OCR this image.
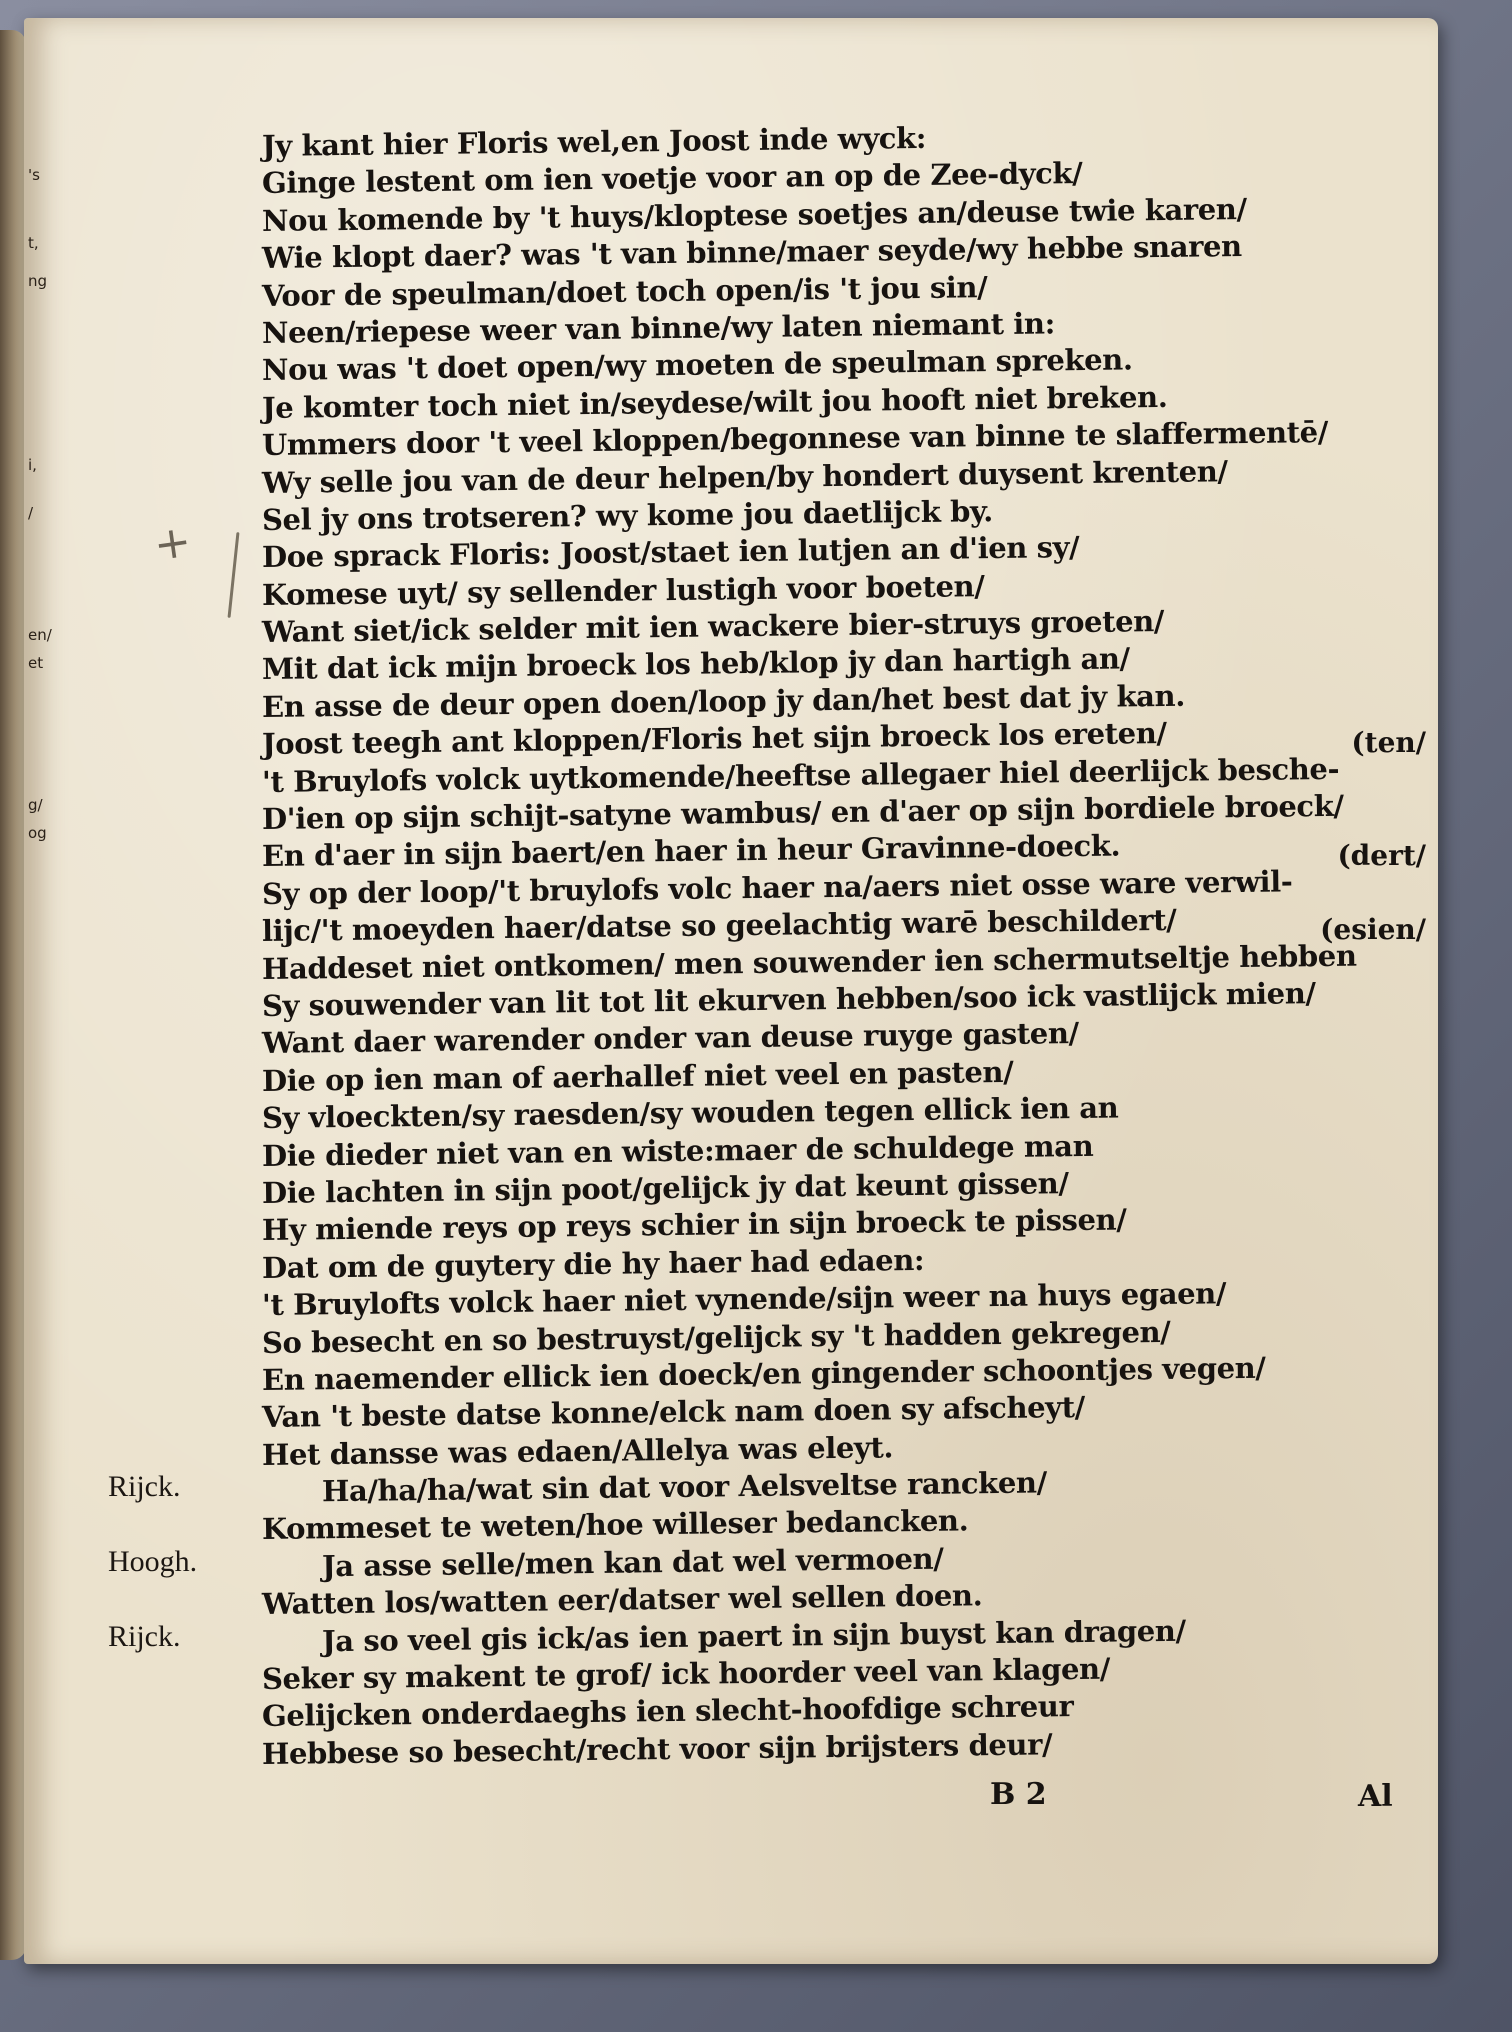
's
t,
ng
i,
/
en/
et
g/
og
+
Jy kant hier Floris wel,en Joost inde wyck:
Ginge lestent om ien voetje voor an op de Zee-dyck/
Nou komende by 't huys/kloptese soetjes an/deuse twie karen/
Wie klopt daer? was 't van binne/maer seyde/wy hebbe snaren
Voor de speulman/doet toch open/is 't jou sin/
Neen/riepese weer van binne/wy laten niemant in:
Nou was 't doet open/wy moeten de speulman spreken.
Je komter toch niet in/seydese/wilt jou hooft niet breken.
Ummers door 't veel kloppen/begonnese van binne te slaffermentē/
Wy selle jou van de deur helpen/by hondert duysent krenten/
Sel jy ons trotseren? wy kome jou daetlijck by.
Doe sprack Floris: Joost/staet ien lutjen an d'ien sy/
Komese uyt/ sy sellender lustigh voor boeten/
Want siet/ick selder mit ien wackere bier-struys groeten/
Mit dat ick mijn broeck los heb/klop jy dan hartigh an/
En asse de deur open doen/loop jy dan/het best dat jy kan.
Joost teegh ant kloppen/Floris het sijn broeck los ereten/	(ten/
't Bruylofs volck uytkomende/heeftse allegaer hiel deerlijck besche-
D'ien op sijn schijt-satyne wambus/ en d'aer op sijn bordiele broeck/
En d'aer in sijn baert/en haer in heur Gravinne-doeck.	(dert/
Sy op der loop/'t bruylofs volc haer na/aers niet osse ware verwil-
lijc/'t moeyden haer/datse so geelachtig warē beschildert/	(esien/
Haddeset niet ontkomen/ men souwender ien schermutseltje hebben
Sy souwender van lit tot lit ekurven hebben/soo ick vastlijck mien/
Want daer warender onder van deuse ruyge gasten/
Die op ien man of aerhallef niet veel en pasten/
Sy vloeckten/sy raesden/sy wouden tegen ellick ien an
Die dieder niet van en wiste:maer de schuldege man
Die lachten in sijn poot/gelijck jy dat keunt gissen/
Hy miende reys op reys schier in sijn broeck te pissen/
Dat om de guytery die hy haer had edaen:
't Bruylofts volck haer niet vynende/sijn weer na huys egaen/
So besecht en so bestruyst/gelijck sy 't hadden gekregen/
En naemender ellick ien doeck/en gingender schoontjes vegen/
Van 't beste datse konne/elck nam doen sy afscheyt/
Het dansse was edaen/Allelya was eleyt.
Ha/ha/ha/wat sin dat voor Aelsveltse rancken/
Kommeset te weten/hoe willeser bedancken.
Ja asse selle/men kan dat wel vermoen/
Watten los/watten eer/datser wel sellen doen.
Ja so veel gis ick/as ien paert in sijn buyst kan dragen/
Seker sy makent te grof/ ick hoorder veel van klagen/
Gelijcken onderdaeghs ien slecht-hoofdige schreur
Hebbese so besecht/recht voor sijn brijsters deur/
Rijck.
Hoogh.
Rijck.
B 2	Al
